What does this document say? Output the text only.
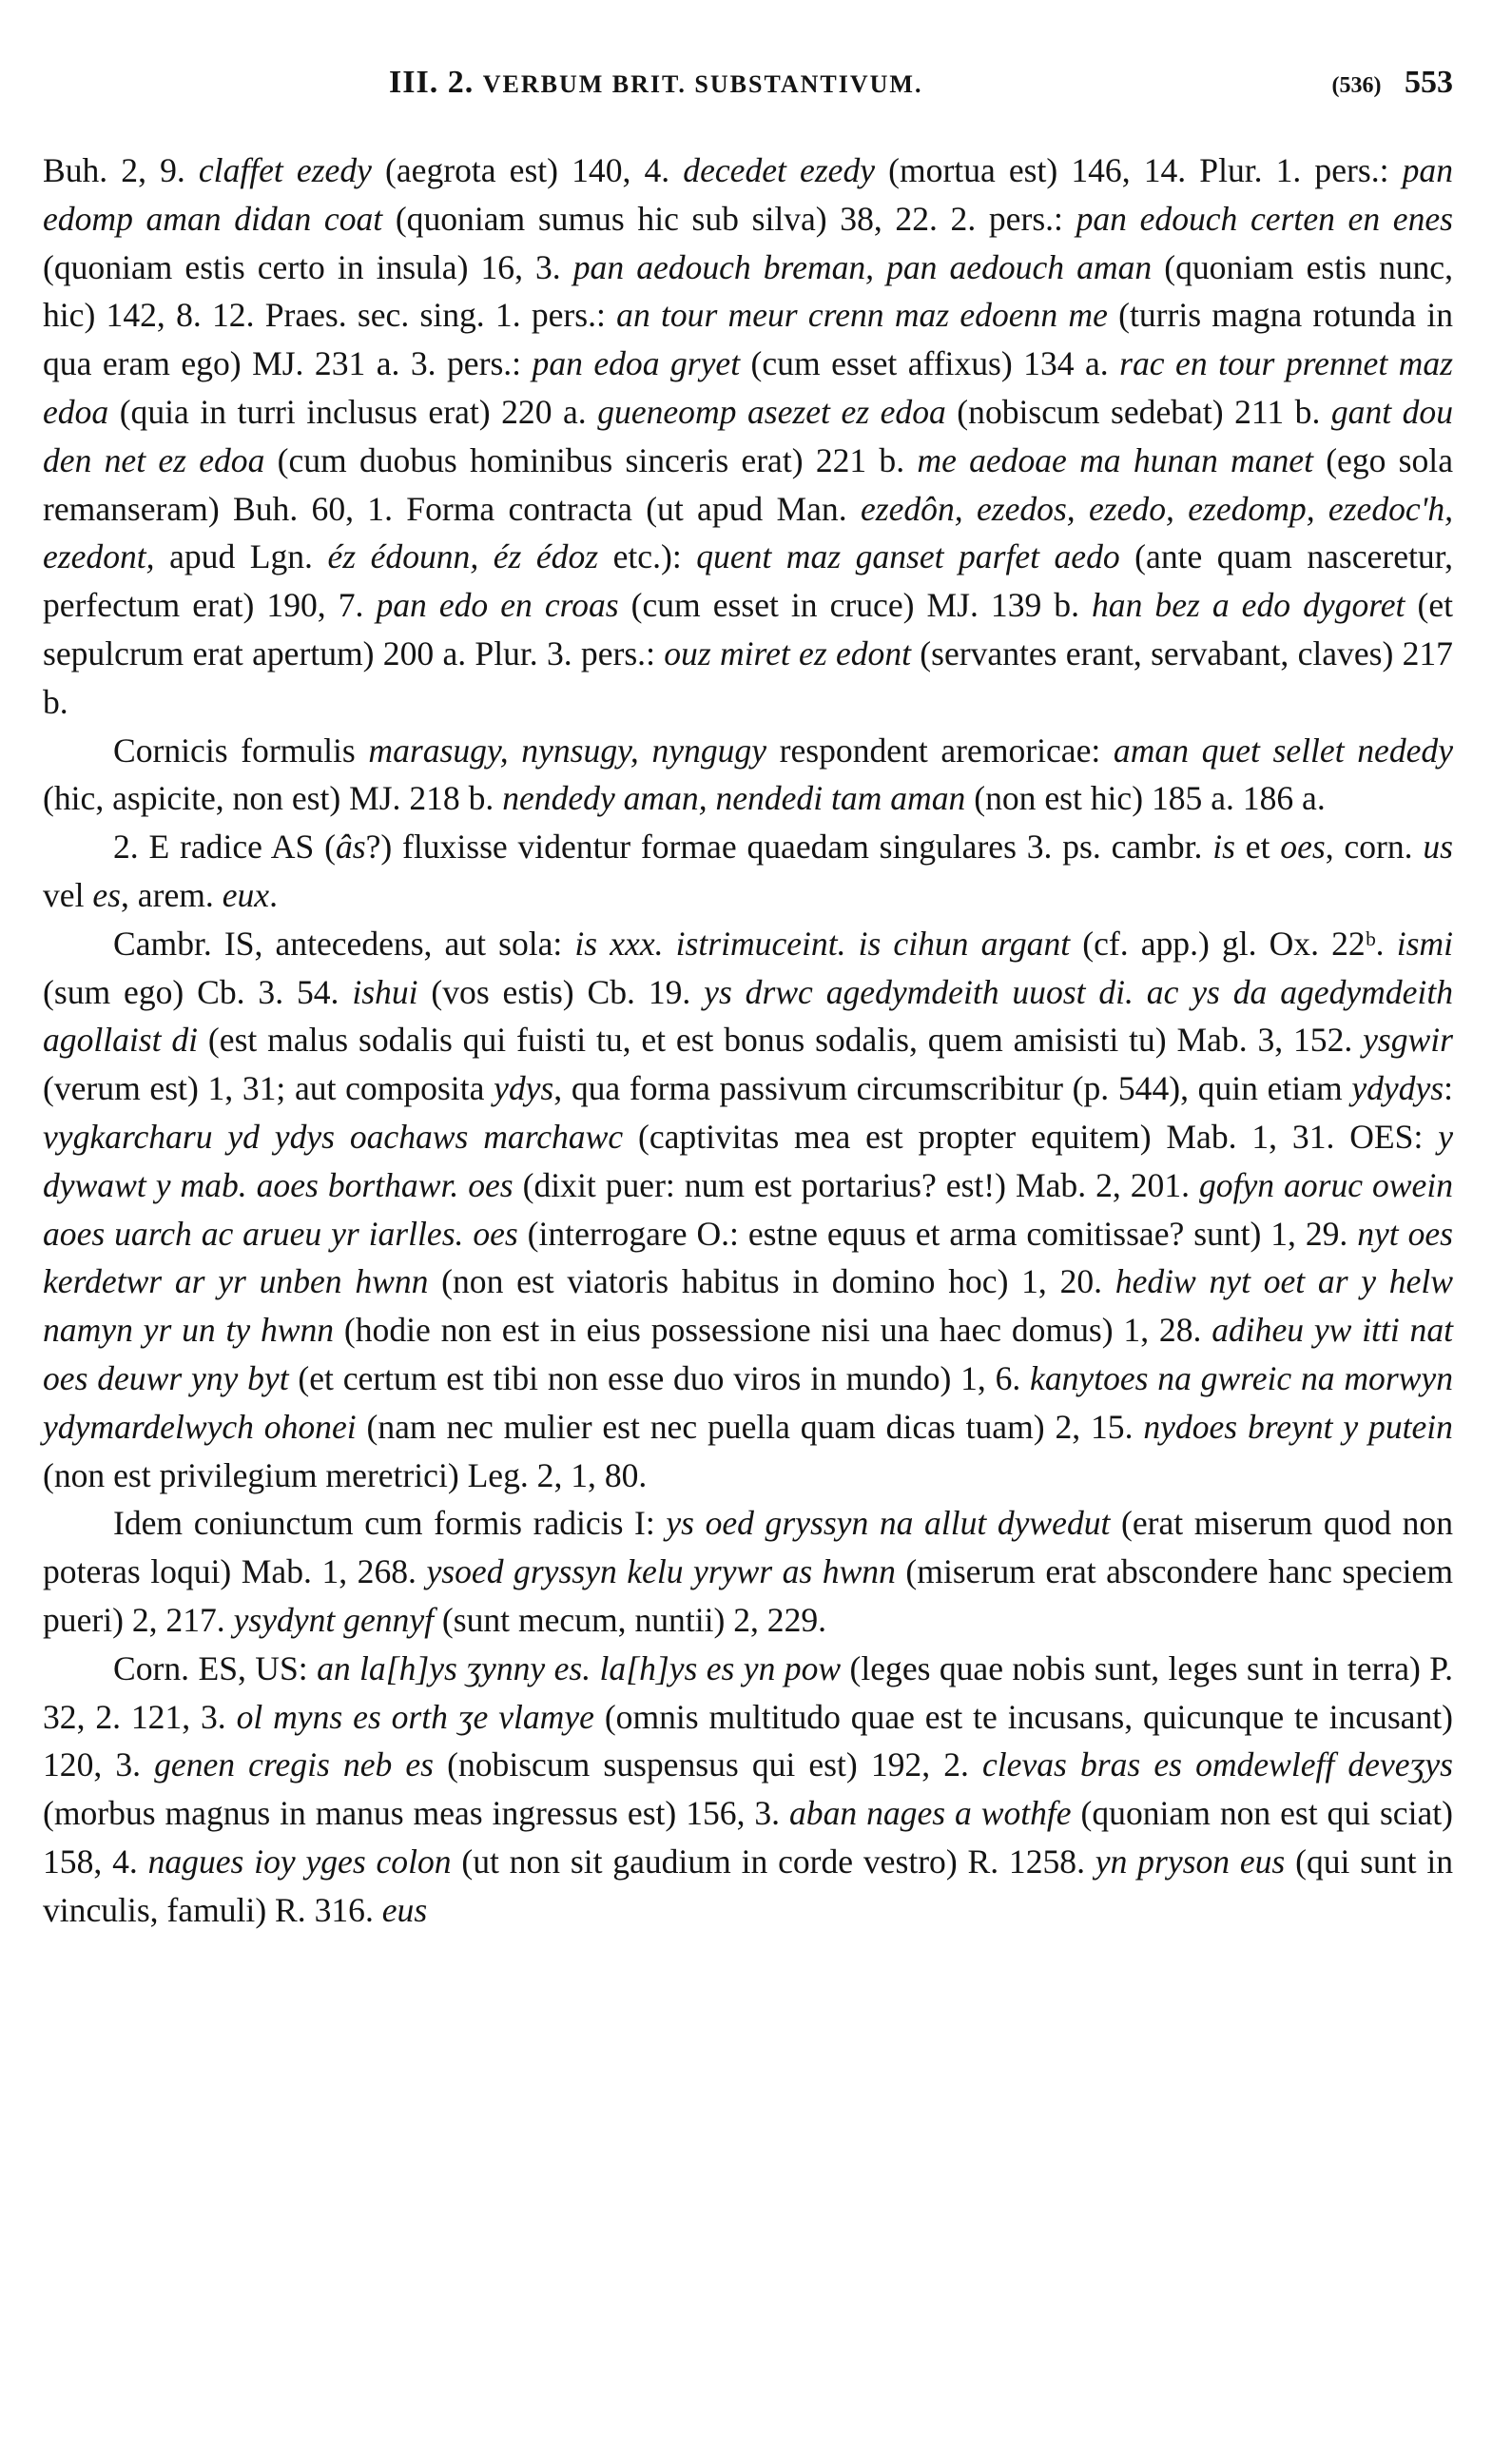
III. 2. VERBUM BRIT. SUBSTANTIVUM.	(536) 553

Buh. 2, 9. claffet ezedy (aegrota est) 140, 4. decedet ezedy (mortua est) 146, 14. Plur. 1. pers.: pan edomp aman didan coat (quoniam sumus hic sub silva) 38, 22. 2. pers.: pan edouch certen en enes (quoniam estis certo in insula) 16, 3. pan aedouch breman, pan aedouch aman (quoniam estis nunc, hic) 142, 8. 12. Praes. sec. sing. 1. pers.: an tour meur crenn maz edoenn me (turris magna rotunda in qua eram ego) MJ. 231 a. 3. pers.: pan edoa gryet (cum esset affixus) 134 a. rac en tour prennet maz edoa (quia in turri inclusus erat) 220 a. gueneomp asezet ez edoa (nobiscum sedebat) 211 b. gant dou den net ez edoa (cum duobus hominibus sinceris erat) 221 b. me aedoae ma hunan manet (ego sola remanseram) Buh. 60, 1. Forma contracta (ut apud Man. ezedôn, ezedos, ezedo, ezedomp, ezedoc'h, ezedont, apud Lgn. éz édounn, éz édoz etc.): quent maz ganset parfet aedo (ante quam nasceretur, perfectum erat) 190, 7. pan edo en croas (cum esset in cruce) MJ. 139 b. han bez a edo dygoret (et sepulcrum erat apertum) 200 a. Plur. 3. pers.: ouz miret ez edont (servantes erant, servabant, claves) 217 b.

Cornicis formulis marasugy, nynsugy, nyngugy respondent aremoricae: aman quet sellet nededy (hic, aspicite, non est) MJ. 218 b. nendedy aman, nendedi tam aman (non est hic) 185 a. 186 a.

2. E radice AS (âs?) fluxisse videntur formae quaedam singulares 3. ps. cambr. is et oes, corn. us vel es, arem. eux.

Cambr. IS, antecedens, aut sola: is xxx. istrimuceint. is cihun argant (cf. app.) gl. Ox. 22ᵇ. ismi (sum ego) Cb. 3. 54. ishui (vos estis) Cb. 19. ys drwc agedymdeith uuost di. ac ys da agedymdeith agollaist di (est malus sodalis qui fuisti tu, et est bonus sodalis, quem amisisti tu) Mab. 3, 152. ysgwir (verum est) 1, 31; aut composita ydys, qua forma passivum circumscribitur (p. 544), quin etiam ydydys: vygkarcharu yd ydys oachaws marchawc (captivitas mea est propter equitem) Mab. 1, 31. OES: y dywawt y mab. aoes borthawr. oes (dixit puer: num est portarius? est!) Mab. 2, 201. gofyn aoruc owein aoes uarch ac arueu yr iarlles. oes (interrogare O.: estne equus et arma comitissae? sunt) 1, 29. nyt oes kerdetwr ar yr unben hwnn (non est viatoris habitus in domino hoc) 1, 20. hediw nyt oet ar y helw namyn yr un ty hwnn (hodie non est in eius possessione nisi una haec domus) 1, 28. adiheu yw itti nat oes deuwr yny byt (et certum est tibi non esse duo viros in mundo) 1, 6. kanytoes na gwreic na morwyn ydymardelwych ohonei (nam nec mulier est nec puella quam dicas tuam) 2, 15. nydoes breynt y putein (non est privilegium meretrici) Leg. 2, 1, 80.

Idem coniunctum cum formis radicis I: ys oed gryssyn na allut dywedut (erat miserum quod non poteras loqui) Mab. 1, 268. ysoed gryssyn kelu yrywr as hwnn (miserum erat abscondere hanc speciem pueri) 2, 217. ysydynt gennyf (sunt mecum, nuntii) 2, 229.

Corn. ES, US: an la[h]ys ʒynny es. la[h]ys es yn pow (leges quae nobis sunt, leges sunt in terra) P. 32, 2. 121, 3. ol myns es orth ʒe vlamye (omnis multitudo quae est te incusans, quicunque te incusant) 120, 3. genen cregis neb es (nobiscum suspensus qui est) 192, 2. clevas bras es omdewleff deveʒys (morbus magnus in manus meas ingressus est) 156, 3. aban nages a wothfe (quoniam non est qui sciat) 158, 4. nagues ioy yges colon (ut non sit gaudium in corde vestro) R. 1258. yn pryson eus (qui sunt in vinculis, famuli) R. 316. eus
